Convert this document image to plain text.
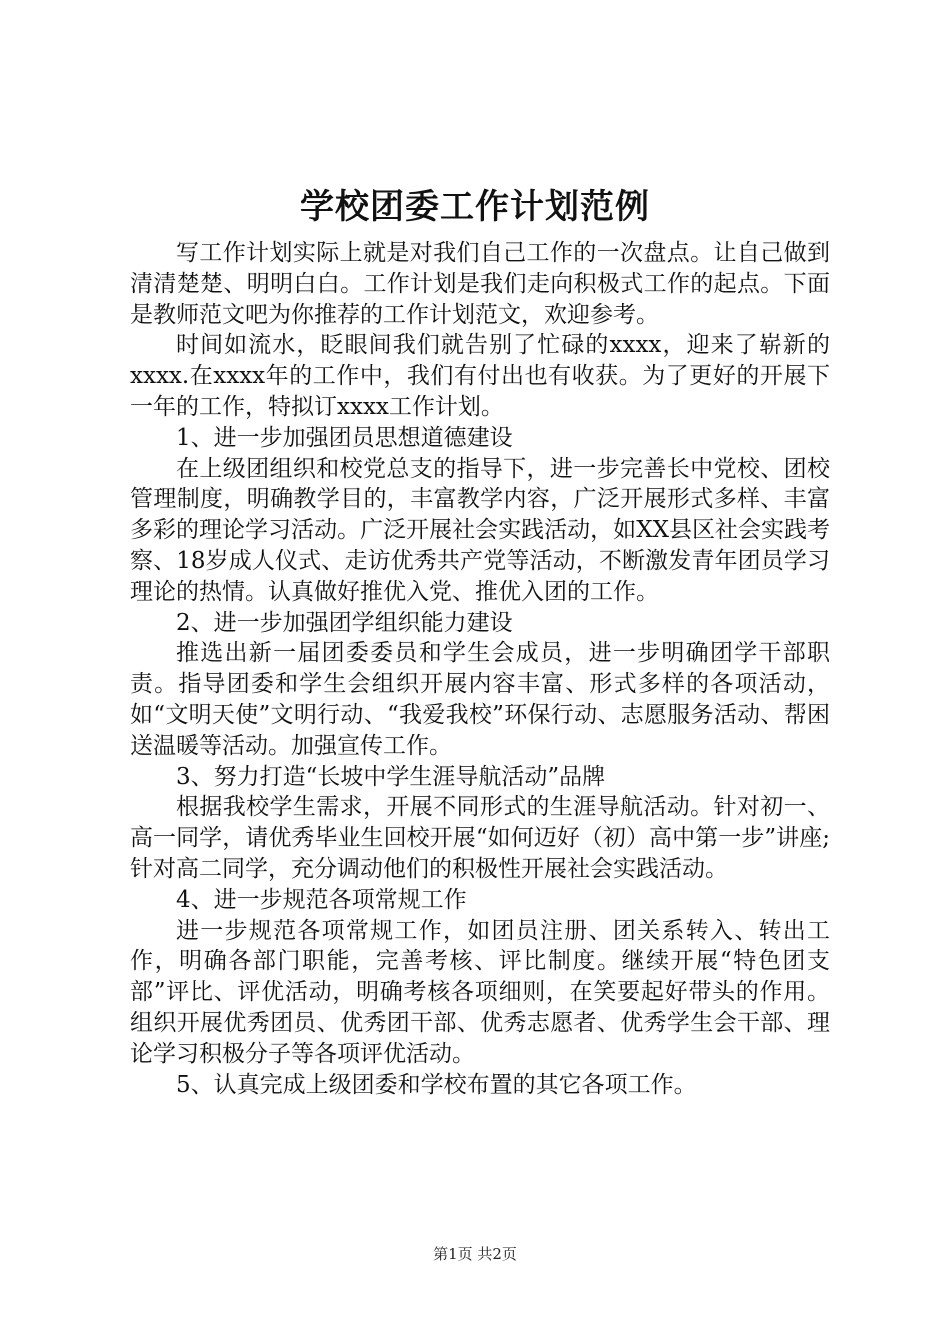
学校团委工作计划范例

写工作计划实际上就是对我们自己工作的一次盘点。让自己做到清清楚楚、明明白白。工作计划是我们走向积极式工作的起点。下面是教师范文吧为你推荐的工作计划范文，欢迎参考。

时间如流水，眨眼间我们就告别了忙碌的xxxx，迎来了崭新的xxxx.在xxxx年的工作中，我们有付出也有收获。为了更好的开展下一年的工作，特拟订xxxx工作计划。

1、进一步加强团员思想道德建设

在上级团组织和校党总支的指导下，进一步完善长中党校、团校管理制度，明确教学目的，丰富教学内容，广泛开展形式多样、丰富多彩的理论学习活动。广泛开展社会实践活动，如XX县区社会实践考察、18岁成人仪式、走访优秀共产党等活动，不断激发青年团员学习理论的热情。认真做好推优入党、推优入团的工作。

2、进一步加强团学组织能力建设

推选出新一届团委委员和学生会成员，进一步明确团学干部职责。指导团委和学生会组织开展内容丰富、形式多样的各项活动，如“文明天使”文明行动、“我爱我校”环保行动、志愿服务活动、帮困送温暖等活动。加强宣传工作。

3、努力打造“长坡中学生涯导航活动”品牌

根据我校学生需求，开展不同形式的生涯导航活动。针对初一、高一同学，请优秀毕业生回校开展“如何迈好（初）高中第一步”讲座;针对高二同学，充分调动他们的积极性开展社会实践活动。

4、进一步规范各项常规工作

进一步规范各项常规工作，如团员注册、团关系转入、转出工作，明确各部门职能，完善考核、评比制度。继续开展“特色团支部”评比、评优活动，明确考核各项细则，在笑要起好带头的作用。组织开展优秀团员、优秀团干部、优秀志愿者、优秀学生会干部、理论学习积极分子等各项评优活动。

5、认真完成上级团委和学校布置的其它各项工作。

第1页 共2页
